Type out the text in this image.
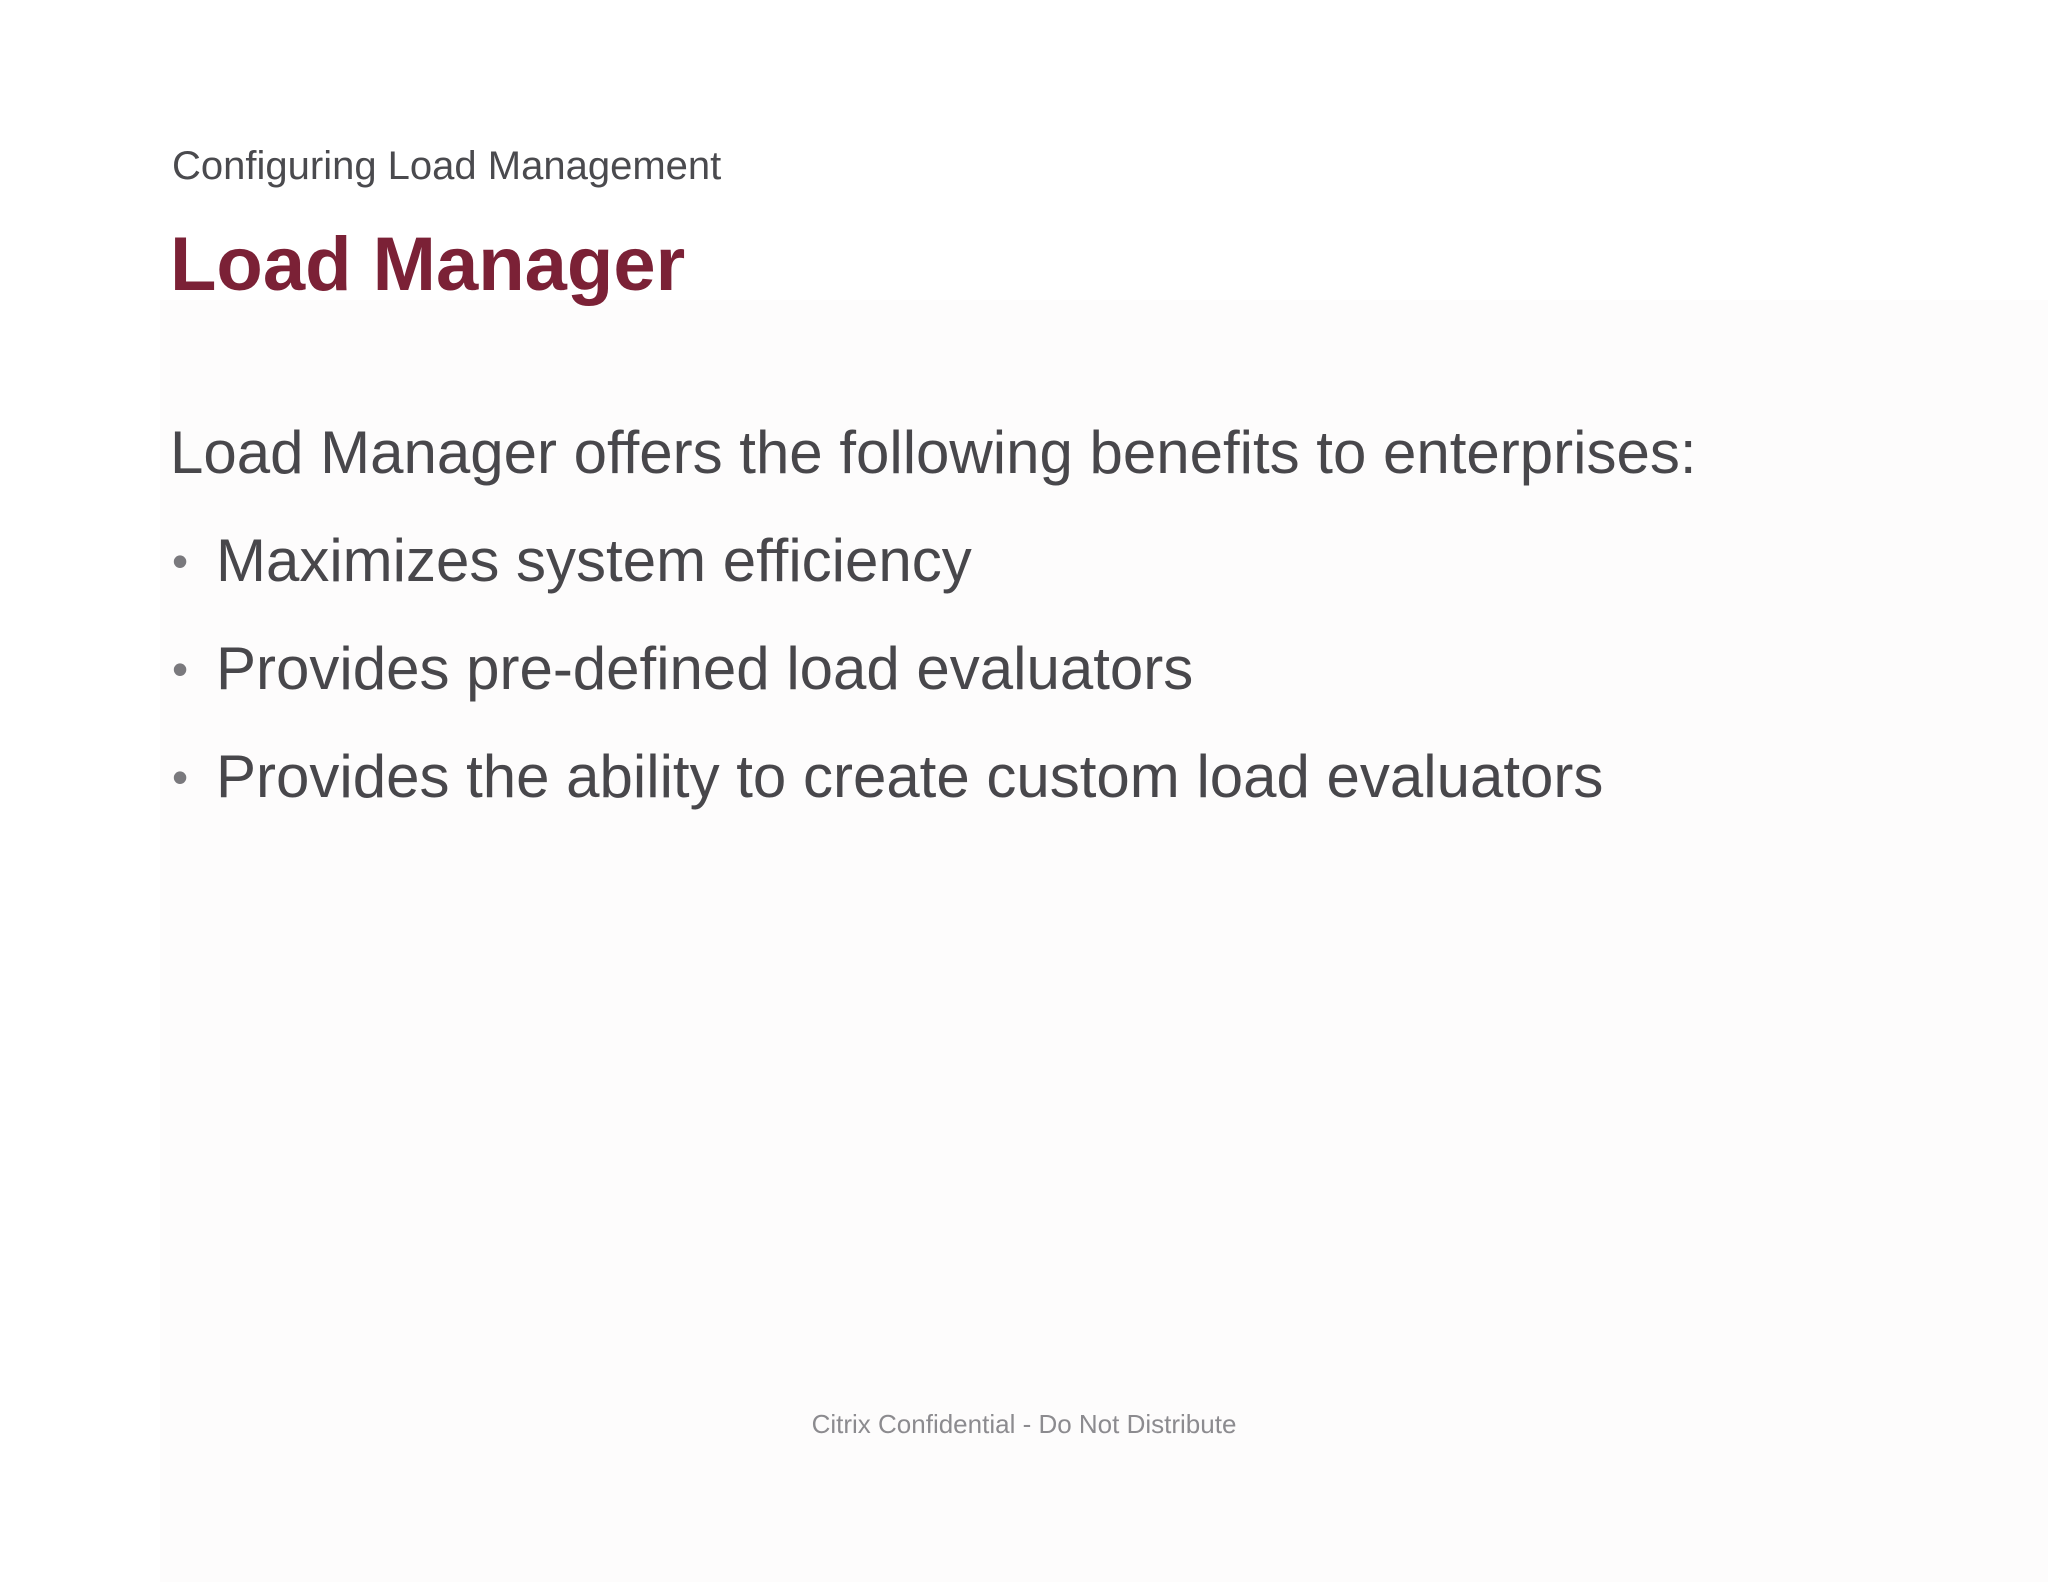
Configuring Load Management
Load Manager
Load Manager offers the following benefits to enterprises:
• Maximizes system efficiency
• Provides pre-defined load evaluators
• Provides the ability to create custom load evaluators
Citrix Confidential - Do Not Distribute
